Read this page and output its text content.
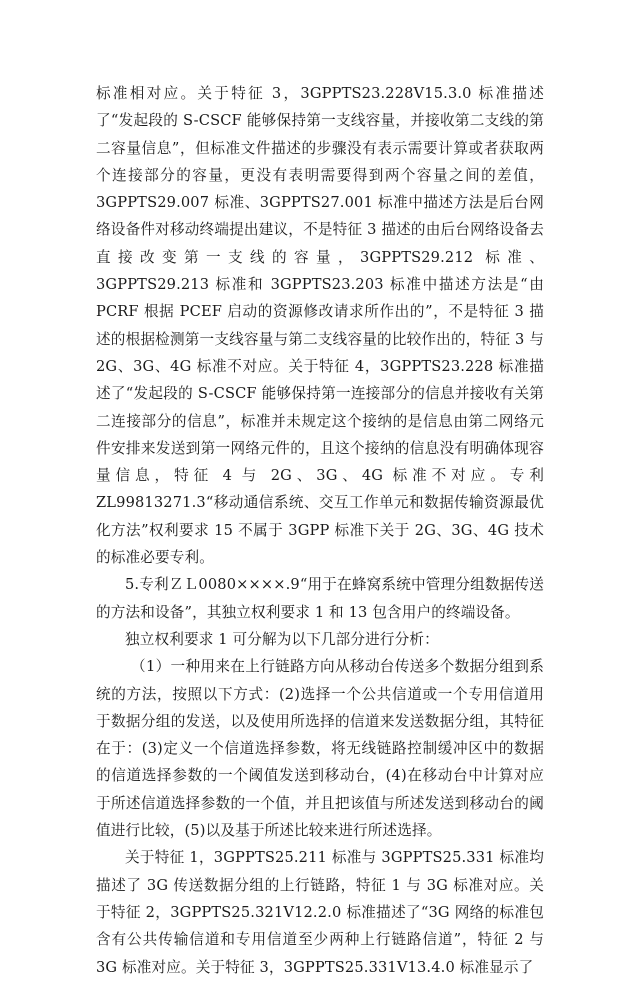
标准相对应。关于特征 3，3GPPTS23.228V15.3.0 标准描述了“发起段的 S-CSCF 能够保持第一支线容量，并接收第二支线的第二容量信息”，但标准文件描述的步骤没有表示需要计算或者获取两个连接部分的容量，更没有表明需要得到两个容量之间的差值，3GPPTS29.007 标准、3GPPTS27.001 标准中描述方法是后台网络设备件对移动终端提出建议，不是特征 3 描述的由后台网络设备去直接改变第一支线的容量，3GPPTS29.212 标准、3GPPTS29.213 标准和 3GPPTS23.203 标准中描述方法是“由 PCRF 根据 PCEF 启动的资源修改请求所作出的”，不是特征 3 描述的根据检测第一支线容量与第二支线容量的比较作出的，特征 3 与 2G、3G、4G 标准不对应。关于特征 4，3GPPTS23.228 标准描述了“发起段的 S-CSCF 能够保持第一连接部分的信息并接收有关第二连接部分的信息”，标准并未规定这个接纳的是信息由第二网络元件安排来发送到第一网络元件的，且这个接纳的信息没有明确体现容量信息，特征 4 与 2G、3G、4G 标准不对应。专利 ZL99813271.3“移动通信系统、交互工作单元和数据传输资源最优化方法”权利要求 15 不属于 3GPP 标准下关于 2G、3G、4G 技术的标准必要专利。

5.专利ＺＬ0080××××.9“用于在蜂窝系统中管理分组数据传送的方法和设备”，其独立权利要求 1 和 13 包含用户的终端设备。

独立权利要求 1 可分解为以下几部分进行分析：

（1）一种用来在上行链路方向从移动台传送多个数据分组到系统的方法，按照以下方式：(2)选择一个公共信道或一个专用信道用于数据分组的发送，以及使用所选择的信道来发送数据分组，其特征在于：(3)定义一个信道选择参数，将无线链路控制缓冲区中的数据的信道选择参数的一个阈值发送到移动台，(4)在移动台中计算对应于所述信道选择参数的一个值，并且把该值与所述发送到移动台的阈值进行比较，(5)以及基于所述比较来进行所述选择。

关于特征 1，3GPPTS25.211 标准与 3GPPTS25.331 标准均描述了 3G 传送数据分组的上行链路，特征 1 与 3G 标准对应。关于特征 2，3GPPTS25.321V12.2.0 标准描述了“3G 网络的标准包含有公共传输信道和专用信道至少两种上行链路信道”，特征 2 与 3G 标准对应。关于特征 3，3GPPTS25.331V13.4.0 标准显示了
